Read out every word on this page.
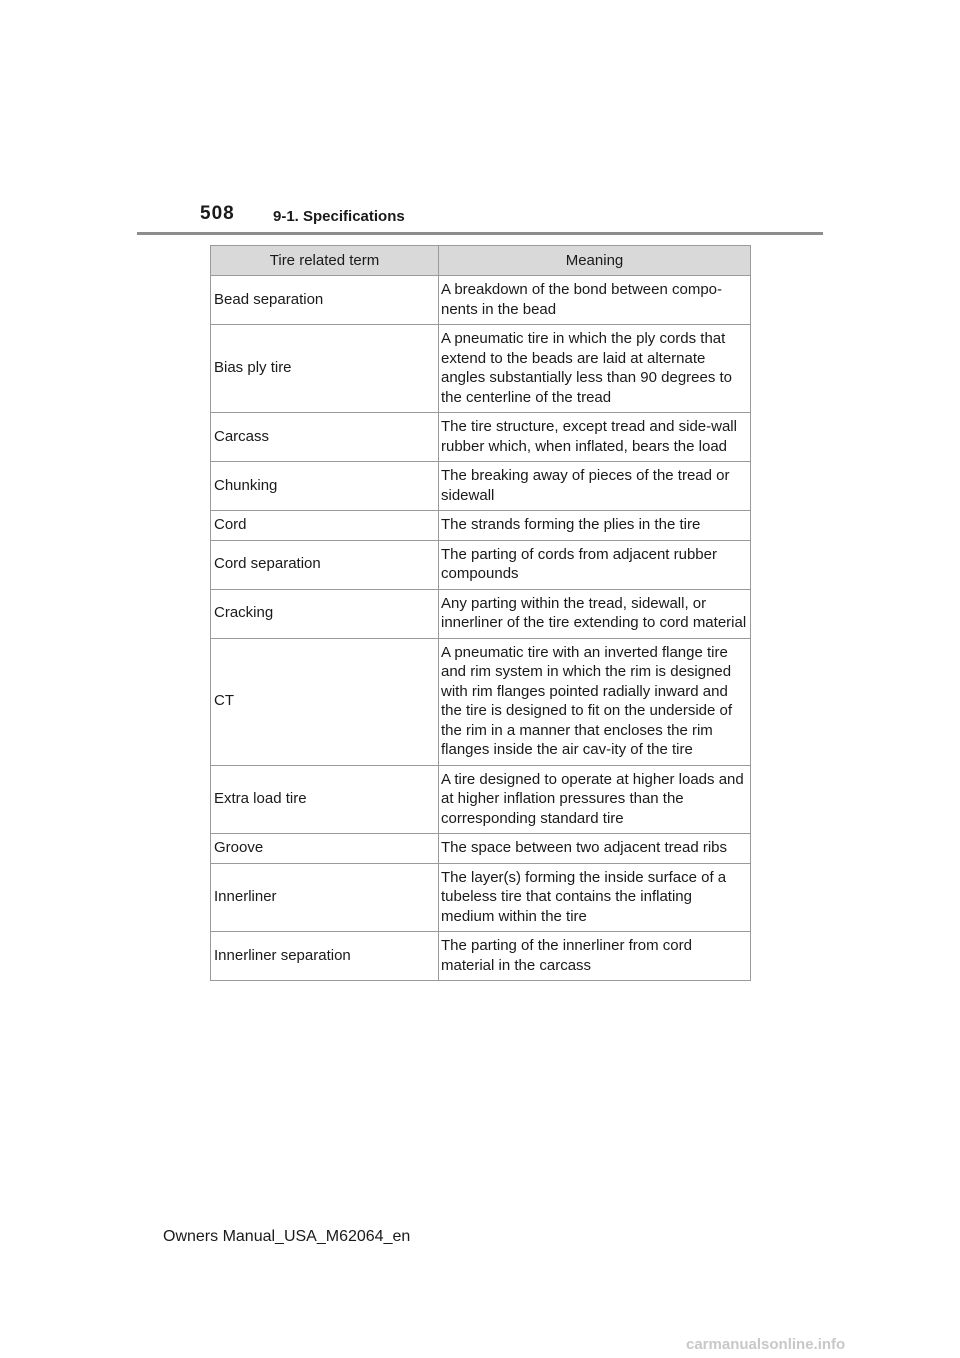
508	9-1. Specifications
Tire related term	Meaning
Bead separation	A breakdown of the bond between compo-nents in the bead
Bias ply tire	A pneumatic tire in which the ply cords that extend to the beads are laid at alternate angles substantially less than 90 degrees to the centerline of the tread
Carcass	The tire structure, except tread and side-wall rubber which, when inflated, bears the load
Chunking	The breaking away of pieces of the tread or sidewall
Cord	The strands forming the plies in the tire
Cord separation	The parting of cords from adjacent rubber compounds
Cracking	Any parting within the tread, sidewall, or innerliner of the tire extending to cord material
CT	A pneumatic tire with an inverted flange tire and rim system in which the rim is designed with rim flanges pointed radially inward and the tire is designed to fit on the underside of the rim in a manner that encloses the rim flanges inside the air cav-ity of the tire
Extra load tire	A tire designed to operate at higher loads and at higher inflation pressures than the corresponding standard tire
Groove	The space between two adjacent tread ribs
Innerliner	The layer(s) forming the inside surface of a tubeless tire that contains the inflating medium within the tire
Innerliner separation	The parting of the innerliner from cord material in the carcass
Owners Manual_USA_M62064_en
carmanualsonline.info
